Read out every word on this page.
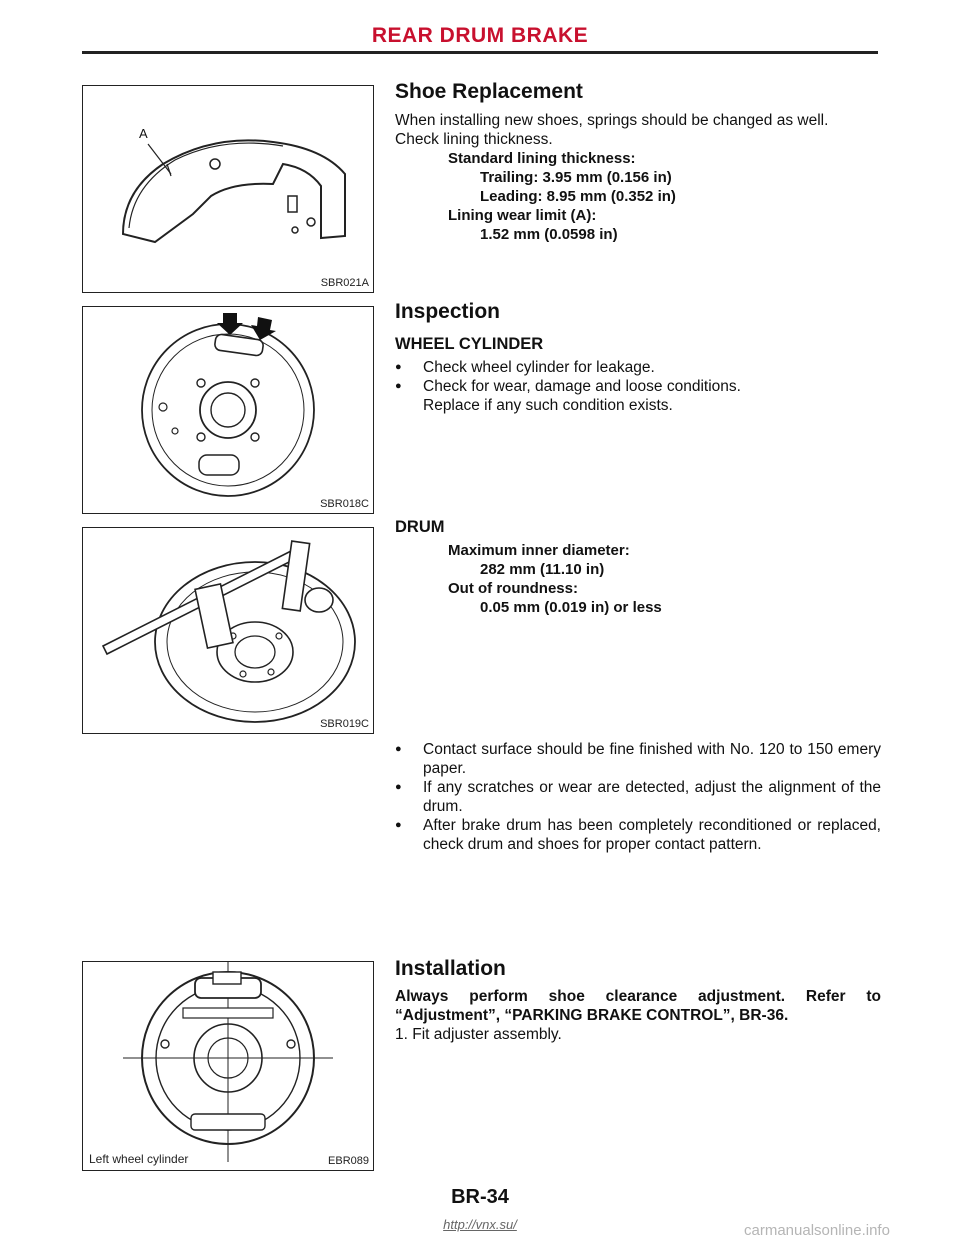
REAR DRUM BRAKE
A
SBR021A
SBR018C
SBR019C
Left wheel cylinder	EBR089
Shoe Replacement
When installing new shoes, springs should be changed as well.
Check lining thickness.
Standard lining thickness:
Trailing: 3.95 mm (0.156 in)
Leading: 8.95 mm (0.352 in)
Lining wear limit (A):
1.52 mm (0.0598 in)
Inspection
WHEEL CYLINDER
● Check wheel cylinder for leakage.
● Check for wear, damage and loose conditions.
Replace if any such condition exists.
DRUM
Maximum inner diameter:
282 mm (11.10 in)
Out of roundness:
0.05 mm (0.019 in) or less
● Contact surface should be fine finished with No. 120 to 150 emery paper.
● If any scratches or wear are detected, adjust the alignment of the drum.
● After brake drum has been completely reconditioned or replaced, check drum and shoes for proper contact pattern.
Installation
Always perform shoe clearance adjustment. Refer to “Adjustment”, “PARKING BRAKE CONTROL”, BR-36.
1. Fit adjuster assembly.
BR-34
http://vnx.su/	carmanualsonline.info
